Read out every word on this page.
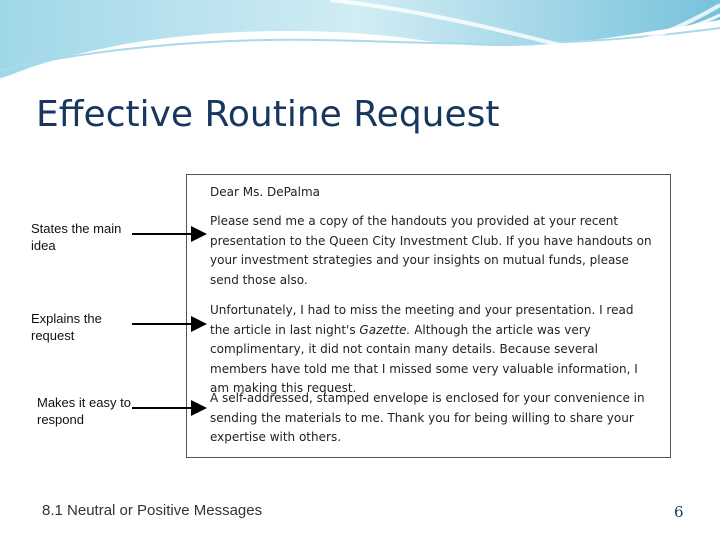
Effective Routine Request
Dear Ms. DePalma
Please send me a copy of the handouts you provided at your recent presentation to the Queen City Investment Club. If you have handouts on your investment strategies and your insights on mutual funds, please send those also.
Unfortunately, I had to miss the meeting and your presentation. I read the article in last night's Gazette. Although the article was very complimentary, it did not contain many details. Because several members have told me that I missed some very valuable information, I am making this request.
A self-addressed, stamped envelope is enclosed for your convenience in sending the materials to me. Thank you for being willing to share your expertise with others.
States the main idea
Explains the request
Makes it easy to respond
8.1 Neutral or Positive Messages	6
